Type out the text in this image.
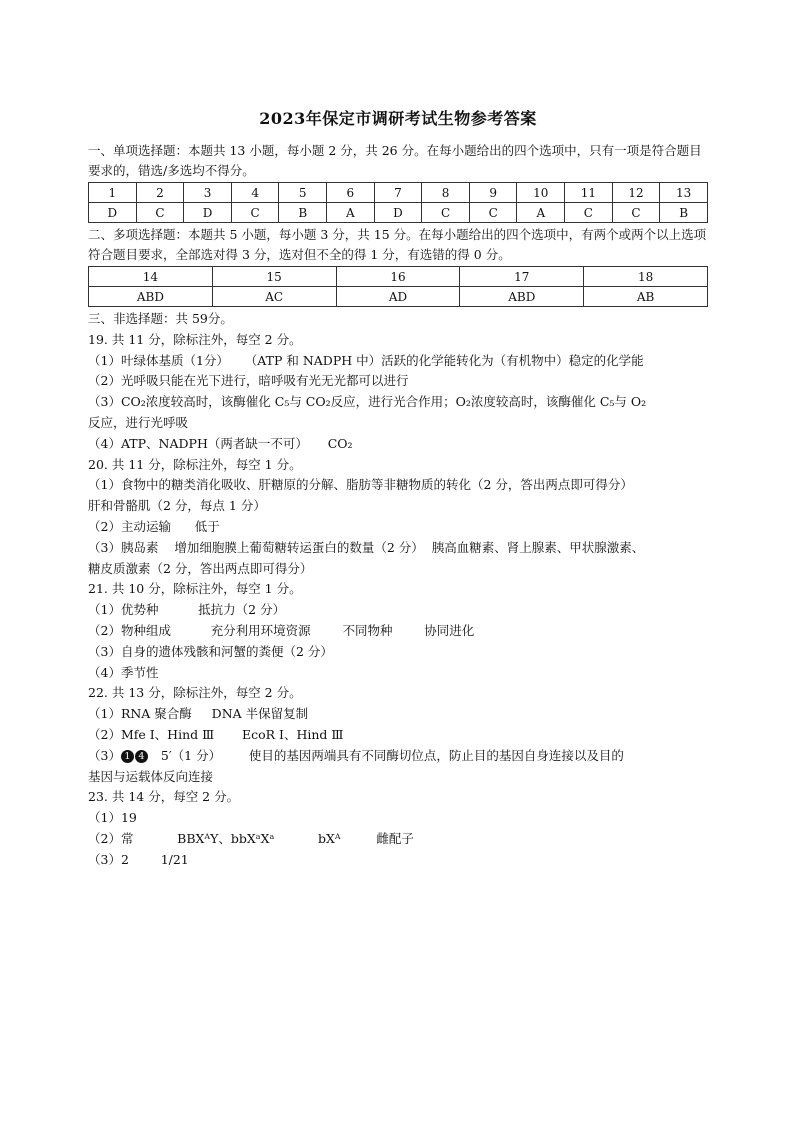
2023年保定市调研考试生物参考答案

一、单项选择题：本题共 13 小题，每小题 2 分，共 26 分。在每小题给出的四个选项中，只有一项是符合题目要求的，错选/多选均不得分。

1	2	3	4	5	6	7	8	9	10	11	12	13
D	C	D	C	B	A	D	C	C	A	C	C	B

二、多项选择题：本题共 5 小题，每小题 3 分，共 15 分。在每小题给出的四个选项中，有两个或两个以上选项符合题目要求，全部选对得 3 分，选对但不全的得 1 分，有选错的得 0 分。

14	15	16	17	18
ABD	AC	AD	ABD	AB
三、非选择题：共 59分。
19. 共 11 分，除标注外，每空 2 分。
（1）叶绿体基质（1分）    （ATP 和 NADPH 中）活跃的化学能转化为（有机物中）稳定的化学能
（2）光呼吸只能在光下进行，暗呼吸有光无光都可以进行
（3）CO₂浓度较高时，该酶催化 C₅与 CO₂反应，进行光合作用；O₂浓度较高时，该酶催化 C₅与 O₂
反应，进行光呼吸
（4）ATP、NADPH（两者缺一不可）     CO₂
20. 共 11 分，除标注外，每空 1 分。
（1）食物中的糖类消化吸收、肝糖原的分解、脂肪等非糖物质的转化（2 分，答出两点即可得分）
肝和骨骼肌（2 分，每点 1 分）
（2）主动运输      低于
（3）胰岛素    增加细胞膜上葡萄糖转运蛋白的数量（2 分）  胰高血糖素、肾上腺素、甲状腺激素、
糖皮质激素（2 分，答出两点即可得分）
21. 共 10 分，除标注外，每空 1 分。
（1）优势种          抵抗力（2 分）
（2）物种组成          充分利用环境资源        不同物种        协同进化
（3）自身的遗体残骸和河蟹的粪便（2 分）
（4）季节性
22. 共 13 分，除标注外，每空 2 分。
（1）RNA 聚合酶     DNA 半保留复制
（2）Mfe Ⅰ、Hind Ⅲ       EcoR Ⅰ、Hind Ⅲ
（3） 1 4   5′（1 分）       使目的基因两端具有不同酶切位点，防止目的基因自身连接以及目的
基因与运载体反向连接
23. 共 14 分，每空 2 分。
（1）19
（2）常           BBXᴬY、bbXᵃXᵃ           bXᴬ         雌配子
（3）2        1/21
